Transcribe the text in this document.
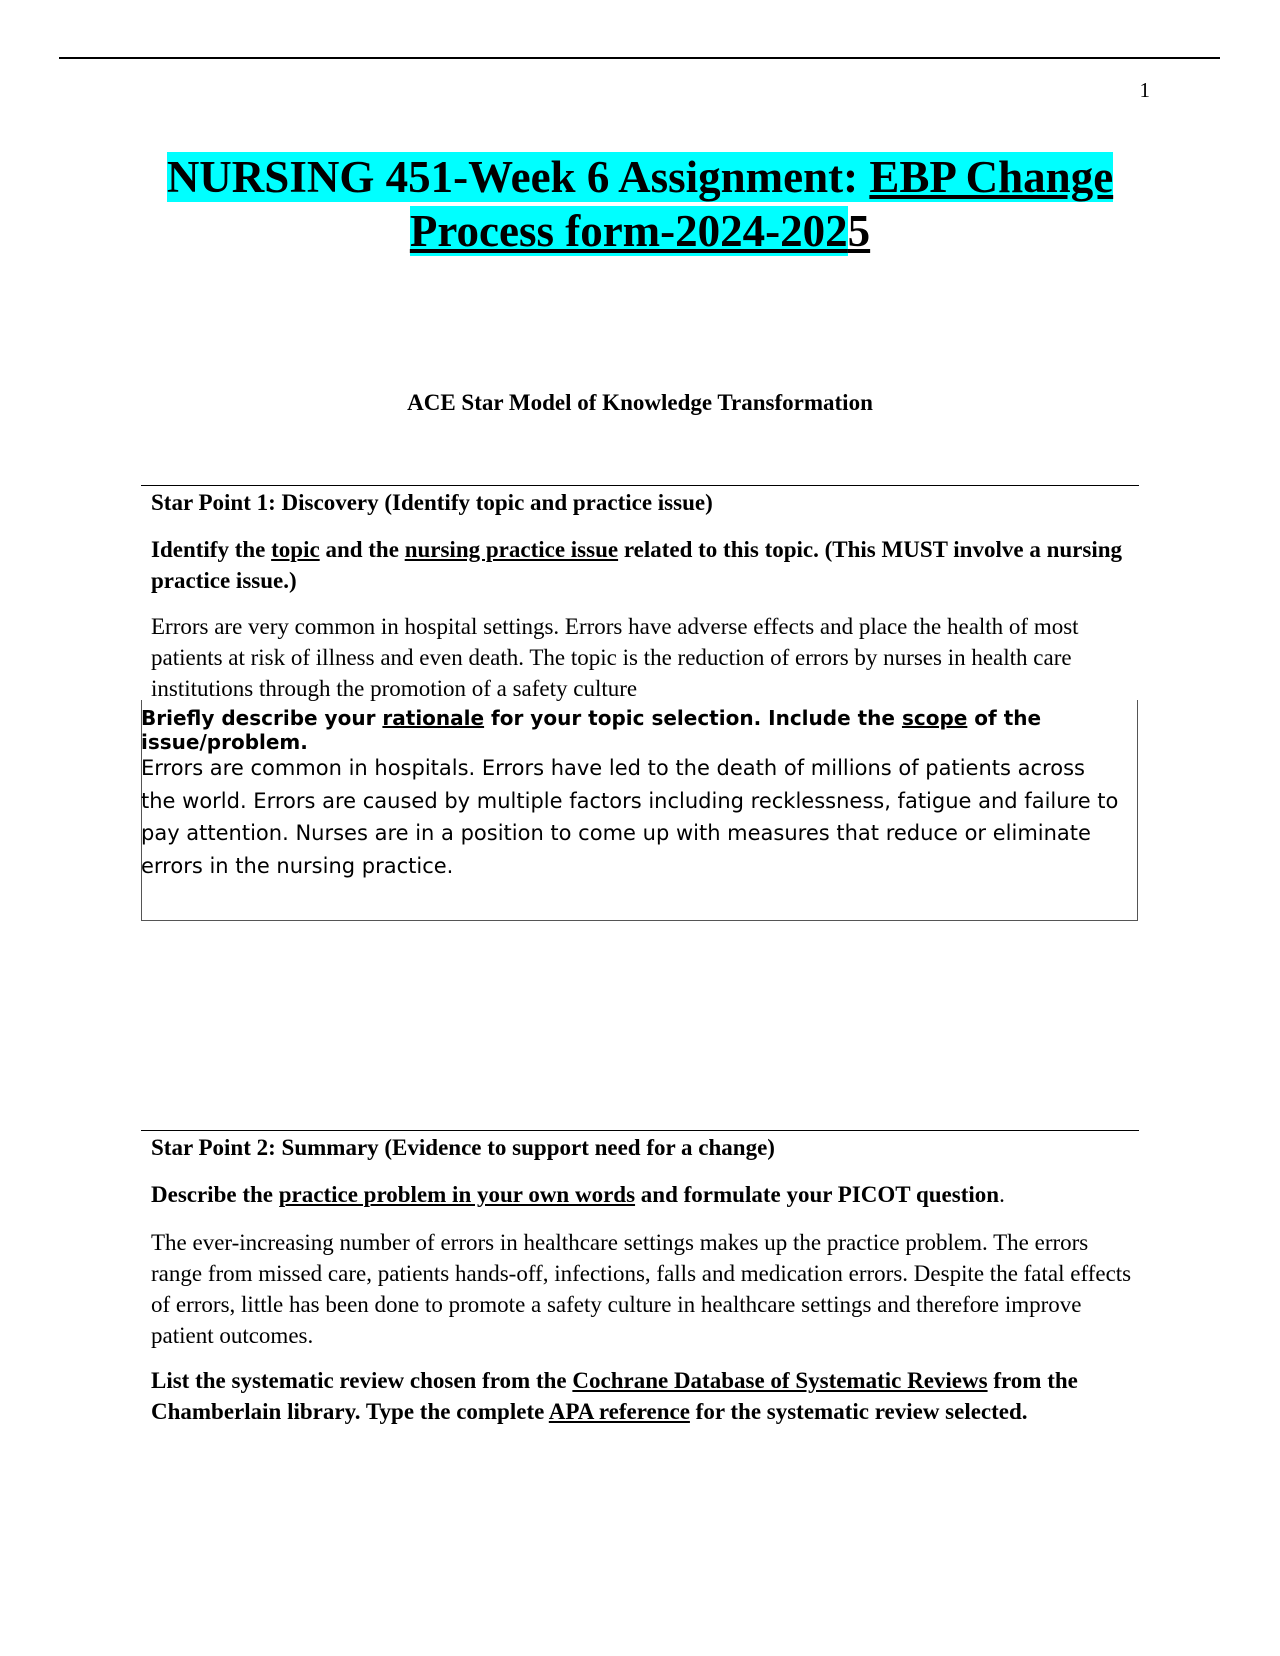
1
NURSING 451-Week 6 Assignment: EBP Change
Process form-2024-2025
ACE Star Model of Knowledge Transformation
Star Point 1: Discovery (Identify topic and practice issue)
Identify the topic and the nursing practice issue related to this topic. (This MUST involve a nursing practice issue.)
Errors are very common in hospital settings. Errors have adverse effects and place the health of most patients at risk of illness and even death. The topic is the reduction of errors by nurses in health care institutions through the promotion of a safety culture
Briefly describe your rationale for your topic selection. Include the scope of the issue/problem.
Errors are common in hospitals. Errors have led to the death of millions of patients across the world. Errors are caused by multiple factors including recklessness, fatigue and failure to pay attention. Nurses are in a position to come up with measures that reduce or eliminate errors in the nursing practice.
Star Point 2: Summary (Evidence to support need for a change)
Describe the practice problem in your own words and formulate your PICOT question.
The ever-increasing number of errors in healthcare settings makes up the practice problem. The errors range from missed care, patients hands-off, infections, falls and medication errors. Despite the fatal effects of errors, little has been done to promote a safety culture in healthcare settings and therefore improve patient outcomes.
List the systematic review chosen from the Cochrane Database of Systematic Reviews from the Chamberlain library. Type the complete APA reference for the systematic review selected.
